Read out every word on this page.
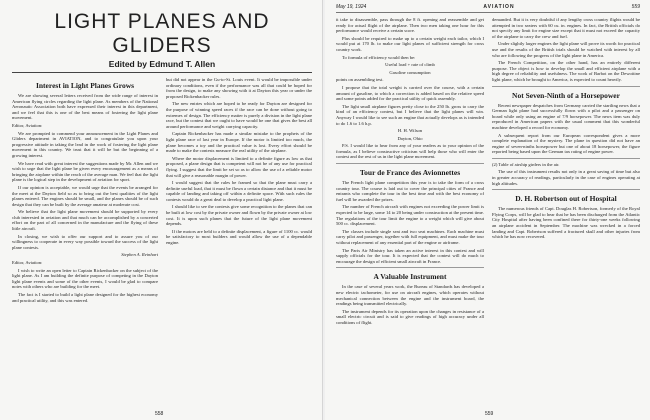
LIGHT PLANES AND GLIDERS
Edited by Edmund T. Allen
Interest in Light Planes Grows

We are showing several letters received from the wide range of interest in American flying circles regarding the light plane. As members of the National Aeronautic Association both have expressed their interest in this department, and we feel that this is one of the best means of fostering the light plane movement.

Editor, Aviation:

We are prompted to commend your announcement in the Light Planes and Gliders department in AVIATION, and to congratulate you upon your progressive attitude in taking the lead in the work of fostering the light plane movement in this country. We trust that it will be but the beginning of a growing interest.

We have read with great interest the suggestions made by Mr. Allen and we wish to urge that the light plane be given every encouragement as a means of bringing the airplane within the reach of the average man. We feel that the light plane is the logical step in the development of aviation for sport.

If our opinion is acceptable, we would urge that the events be arranged for the meet at the Dayton field so as to bring out the best qualities of the light planes entered. The engines should be small, and the planes should be of such design that they can be built by the average amateur at moderate cost.

We believe that the light plane movement should be supported by every club interested in aviation and that much can be accomplished by a concerted effort on the part of all concerned in the manufacture and the flying of these little aircraft.

In closing, we wish to offer our support and to assure you of our willingness to cooperate in every way possible toward the success of the light plane contests.

Stephen A. Reinhart

Editor, Aviation:

I wish to write an open letter to Captain Rickenbacker on the subject of the light plane. As I am building the definite purpose of competing in the Dayton light plane events and some of the other events, I would be glad to compare notes with others who are building for the meet.

The fact is I started to build a light plane designed for the highest economy and practical utility, and this was entered.

but did not appear in the Gu-to-St. Louis event. It would be impossible under ordinary conditions, even if the performance was all that could be hoped for from the design, to make any showing with it at Dayton this year or under the proposed Rickenbacker rules.

The new entries which are hoped to be ready for Dayton are designed for the purpose of winning speed races if the race can be done without going to extremes of design. The efficiency matter is purely a division in the light plane race, but the contest that we ought to have would be one that gives the best all around performance and weight carrying capacity.

Captain Rickenbacker has made a similar mistake to the prophets of the light plane race of last year in Europe. If the motor is limited too much, the plane becomes a toy and the practical value is lost. Every effort should be made to make the contests measure the real utility of the airplane.

Where the motor displacement is limited to a definite figure as low as that proposed, a plane design that is competent will not be of any use for practical flying. I suggest that the limit be set so as to allow the use of a reliable motor that will give a reasonable margin of power.

I would suggest that the rules be framed so that the plane must carry a definite useful load, that it must be flown a certain distance and that it must be capable of landing and taking off within a definite space. With such rules the contests would do a great deal to develop a practical light plane.

I should like to see the contests give some recognition to the planes that can be built at low cost by the private owner and flown by the private owner at low cost. It is upon such planes that the future of the light plane movement depends.

If the motors are held to a definite displacement, a figure of 1100 cc. would be satisfactory to most builders and would allow the use of a dependable engine.

558
May 19, 1924	AVIATION	559

it take to disassemble, pass through the 8 ft. opening and reassemble and get ready for actual flight of the airplane. Then two men taking one hour for this performance would receive a certain score.

Plus should be required to make up to a certain weight each tailor, which I would put at 170 lb. to make our light planes of sufficient strength for cross country work.

To formula of efficiency would then be:

Useful load + rate of climb

Gasoline consumption

points on assembling test.

I propose that the total weight is carried over the course, with a certain amount of gasoline, to which a correction is added based on the relative speed and some points added for the practical utility of quick assembly.

The light small airplane figures pretty close to the 250 lb. gross to carry the kind of an efficiency contest, but I believe that the light planes will win. Anyway I would like to see such an engine that actually develops as is intended to do 1.6 to 1.6 h.p.

H. H. Wilson

Dayton, Ohio

P.S. I would like to hear from any of your readers as to your opinion of the formula, as I believe constructive criticism will help those who will enter the contest and the rest of us in the light plane movement.

Tour de France des Avionnettes

The French light plane competition this year is to take the form of a cross country tour. The course is laid out to cover the principal cities of France and entrants who complete the tour in the best time and with the best economy of fuel will be awarded the prizes.

The number of French aircraft with engines not exceeding the power limit is expected to be large, some 14 to 20 being under construction at the present time. The regulations of the tour limit the engine to a weight which will give about 500 cc. displacement.

The classes include single seat and two seat machines. Each machine must carry pilot and passenger, together with full equipment, and must make the tour without replacement of any essential part of the engine or airframe.

The Paris Air Ministry has taken an active interest in this contest and will supply officials for the tour. It is expected that the contest will do much to encourage the design of efficient small aircraft in France.

A Valuable Instrument

In the case of several years work, the Bureau of Standards has developed a new electric tachometer, for use on aircraft engines, which operates without mechanical connection between the engine and the instrument board, the readings being transmitted electrically.

The instrument depends for its operation upon the changes in resistance of a small electric circuit and is said to give readings of high accuracy under all conditions of flight.

demanded. But it is very doubtful if any lengthy cross country flights would be attempted in two seaters with 60 cu. in. engines. In fact, the British officials do not specify any limit for engine size except that it must not exceed the capacity of the airplane to carry the crew and fuel.

Under slightly larger engines the light plane will prove its worth for practical use and the results of the British trials should be watched with interest by all who are following the progress of the light plane in America.

The French Competition, on the other hand, has an entirely different purpose. The object is how to develop the small and efficient airplane with a high degree of reliability and usefulness. The work of Barbot on the Dewoitine light plane, which he brought to America, is expected to count heavily.

Not Seven-Ninth of a Horsepower

Recent newspaper despatches from Germany carried the startling news that a German light plane had successfully flown with a pilot and a passenger on board while only using an engine of 7/9 horsepower. The news item was duly reproduced in American papers with the usual comment that this wonderful machine developed a record for economy.

A subsequent report from our European correspondent gives a more complete explanation of the mystery. The plane in question did not have an engine of seven-ninths horsepower but one of about 18 horsepower, the figure reported being based upon the German tax rating of engine power.

(2) Table of airship girders in the air.

The use of this instrument results not only in a great saving of time but also in greater accuracy of readings, particularly in the case of engines operating at high altitudes.

D. H. Robertson out of Hospital

The numerous friends of Capt. Douglas H. Robertson, formerly of the Royal Flying Corps, will be glad to hear that he has been discharged from the Atlantic City Hospital after having been confined there for thirty-one weeks following an airplane accident in September. The machine was wrecked in a forced landing and Capt. Robertson suffered a fractured skull and other injuries from which he has now recovered.

559
